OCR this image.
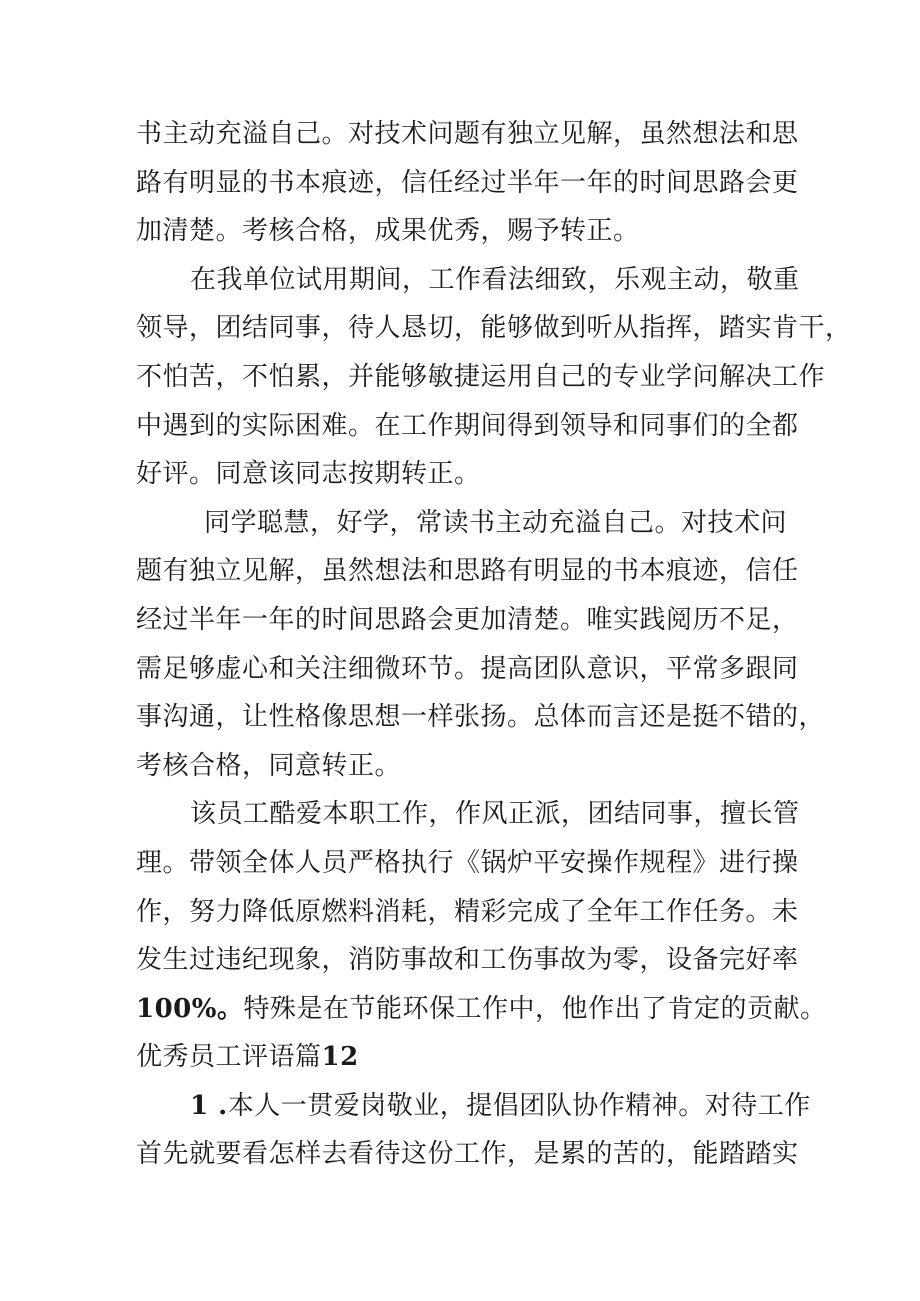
书主动充溢自己。对技术问题有独立见解，虽然想法和思
路有明显的书本痕迹，信任经过半年一年的时间思路会更
加清楚。考核合格，成果优秀，赐予转正。
在我单位试用期间，工作看法细致，乐观主动，敬重
领导，团结同事，待人恳切，能够做到听从指挥，踏实肯干，
不怕苦，不怕累，并能够敏捷运用自己的专业学问解决工作
中遇到的实际困难。在工作期间得到领导和同事们的全都
好评。同意该同志按期转正。
同学聪慧，好学，常读书主动充溢自己。对技术问
题有独立见解，虽然想法和思路有明显的书本痕迹，信任
经过半年一年的时间思路会更加清楚。唯实践阅历不足，
需足够虚心和关注细微环节。提高团队意识，平常多跟同
事沟通，让性格像思想一样张扬。总体而言还是挺不错的，
考核合格，同意转正。
该员工酷爱本职工作，作风正派，团结同事，擅长管
理。带领全体人员严格执行《锅炉平安操作规程》进行操
作，努力降低原燃料消耗，精彩完成了全年工作任务。未
发生过违纪现象，消防事故和工伤事故为零，设备完好率
100%。特殊是在节能环保工作中，他作出了肯定的贡献。
优秀员工评语篇12
1 .本人一贯爱岗敬业，提倡团队协作精神。对待工作
首先就要看怎样去看待这份工作，是累的苦的，能踏踏实
